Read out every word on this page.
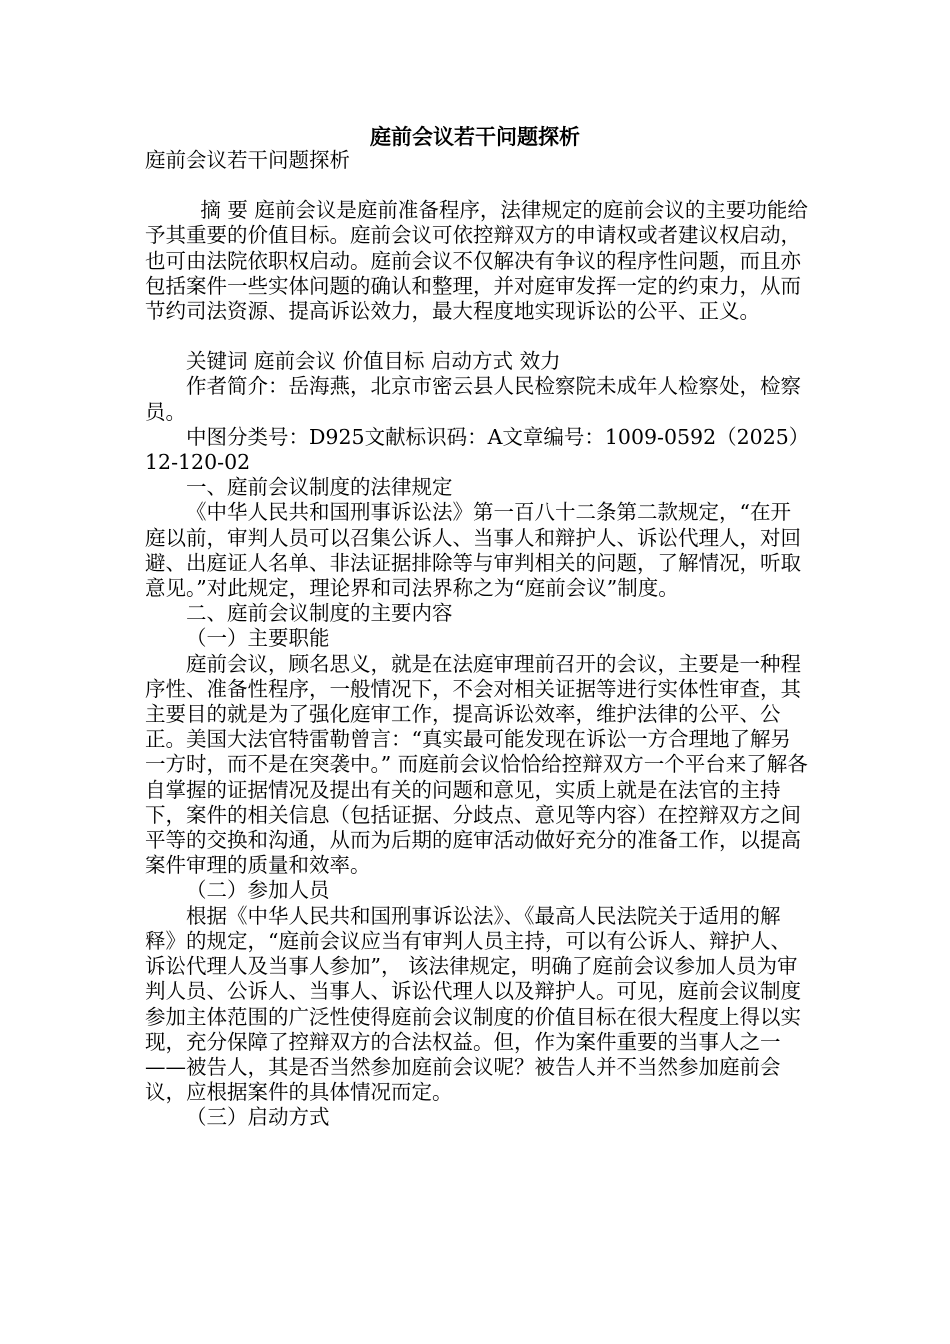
庭前会议若干问题探析

庭前会议若干问题探析

摘 要 庭前会议是庭前准备程序，法律规定的庭前会议的主要功能给予其重要的价值目标。庭前会议可依控辩双方的申请权或者建议权启动，也可由法院依职权启动。庭前会议不仅解决有争议的程序性问题，而且亦包括案件一些实体问题的确认和整理，并对庭审发挥一定的约束力，从而节约司法资源、提高诉讼效力，最大程度地实现诉讼的公平、正义。

关键词 庭前会议 价值目标 启动方式 效力

作者简介：岳海燕，北京市密云县人民检察院未成年人检察处，检察员。

中图分类号：D925文献标识码：A文章编号：1009-0592（2025）12-120-02

一、庭前会议制度的法律规定

《中华人民共和国刑事诉讼法》第一百八十二条第二款规定，“在开庭以前，审判人员可以召集公诉人、当事人和辩护人、诉讼代理人，对回避、出庭证人名单、非法证据排除等与审判相关的问题，了解情况，听取意见。”对此规定，理论界和司法界称之为“庭前会议”制度。

二、庭前会议制度的主要内容

（一）主要职能

庭前会议，顾名思义，就是在法庭审理前召开的会议，主要是一种程序性、准备性程序，一般情况下，不会对相关证据等进行实体性审查，其主要目的就是为了强化庭审工作，提高诉讼效率，维护法律的公平、公正。美国大法官特雷勒曾言：“真实最可能发现在诉讼一方合理地了解另一方时，而不是在突袭中。” 而庭前会议恰恰给控辩双方一个平台来了解各自掌握的证据情况及提出有关的问题和意见，实质上就是在法官的主持下，案件的相关信息（包括证据、分歧点、意见等内容）在控辩双方之间平等的交换和沟通，从而为后期的庭审活动做好充分的准备工作，以提高案件审理的质量和效率。

（二）参加人员

根据《中华人民共和国刑事诉讼法》、《最高人民法院关于适用的解释》的规定，“庭前会议应当有审判人员主持，可以有公诉人、辩护人、诉讼代理人及当事人参加”， 该法律规定，明确了庭前会议参加人员为审判人员、公诉人、当事人、诉讼代理人以及辩护人。可见，庭前会议制度参加主体范围的广泛性使得庭前会议制度的价值目标在很大程度上得以实现，充分保障了控辩双方的合法权益。但，作为案件重要的当事人之一——被告人，其是否当然参加庭前会议呢？被告人并不当然参加庭前会议，应根据案件的具体情况而定。

（三）启动方式
